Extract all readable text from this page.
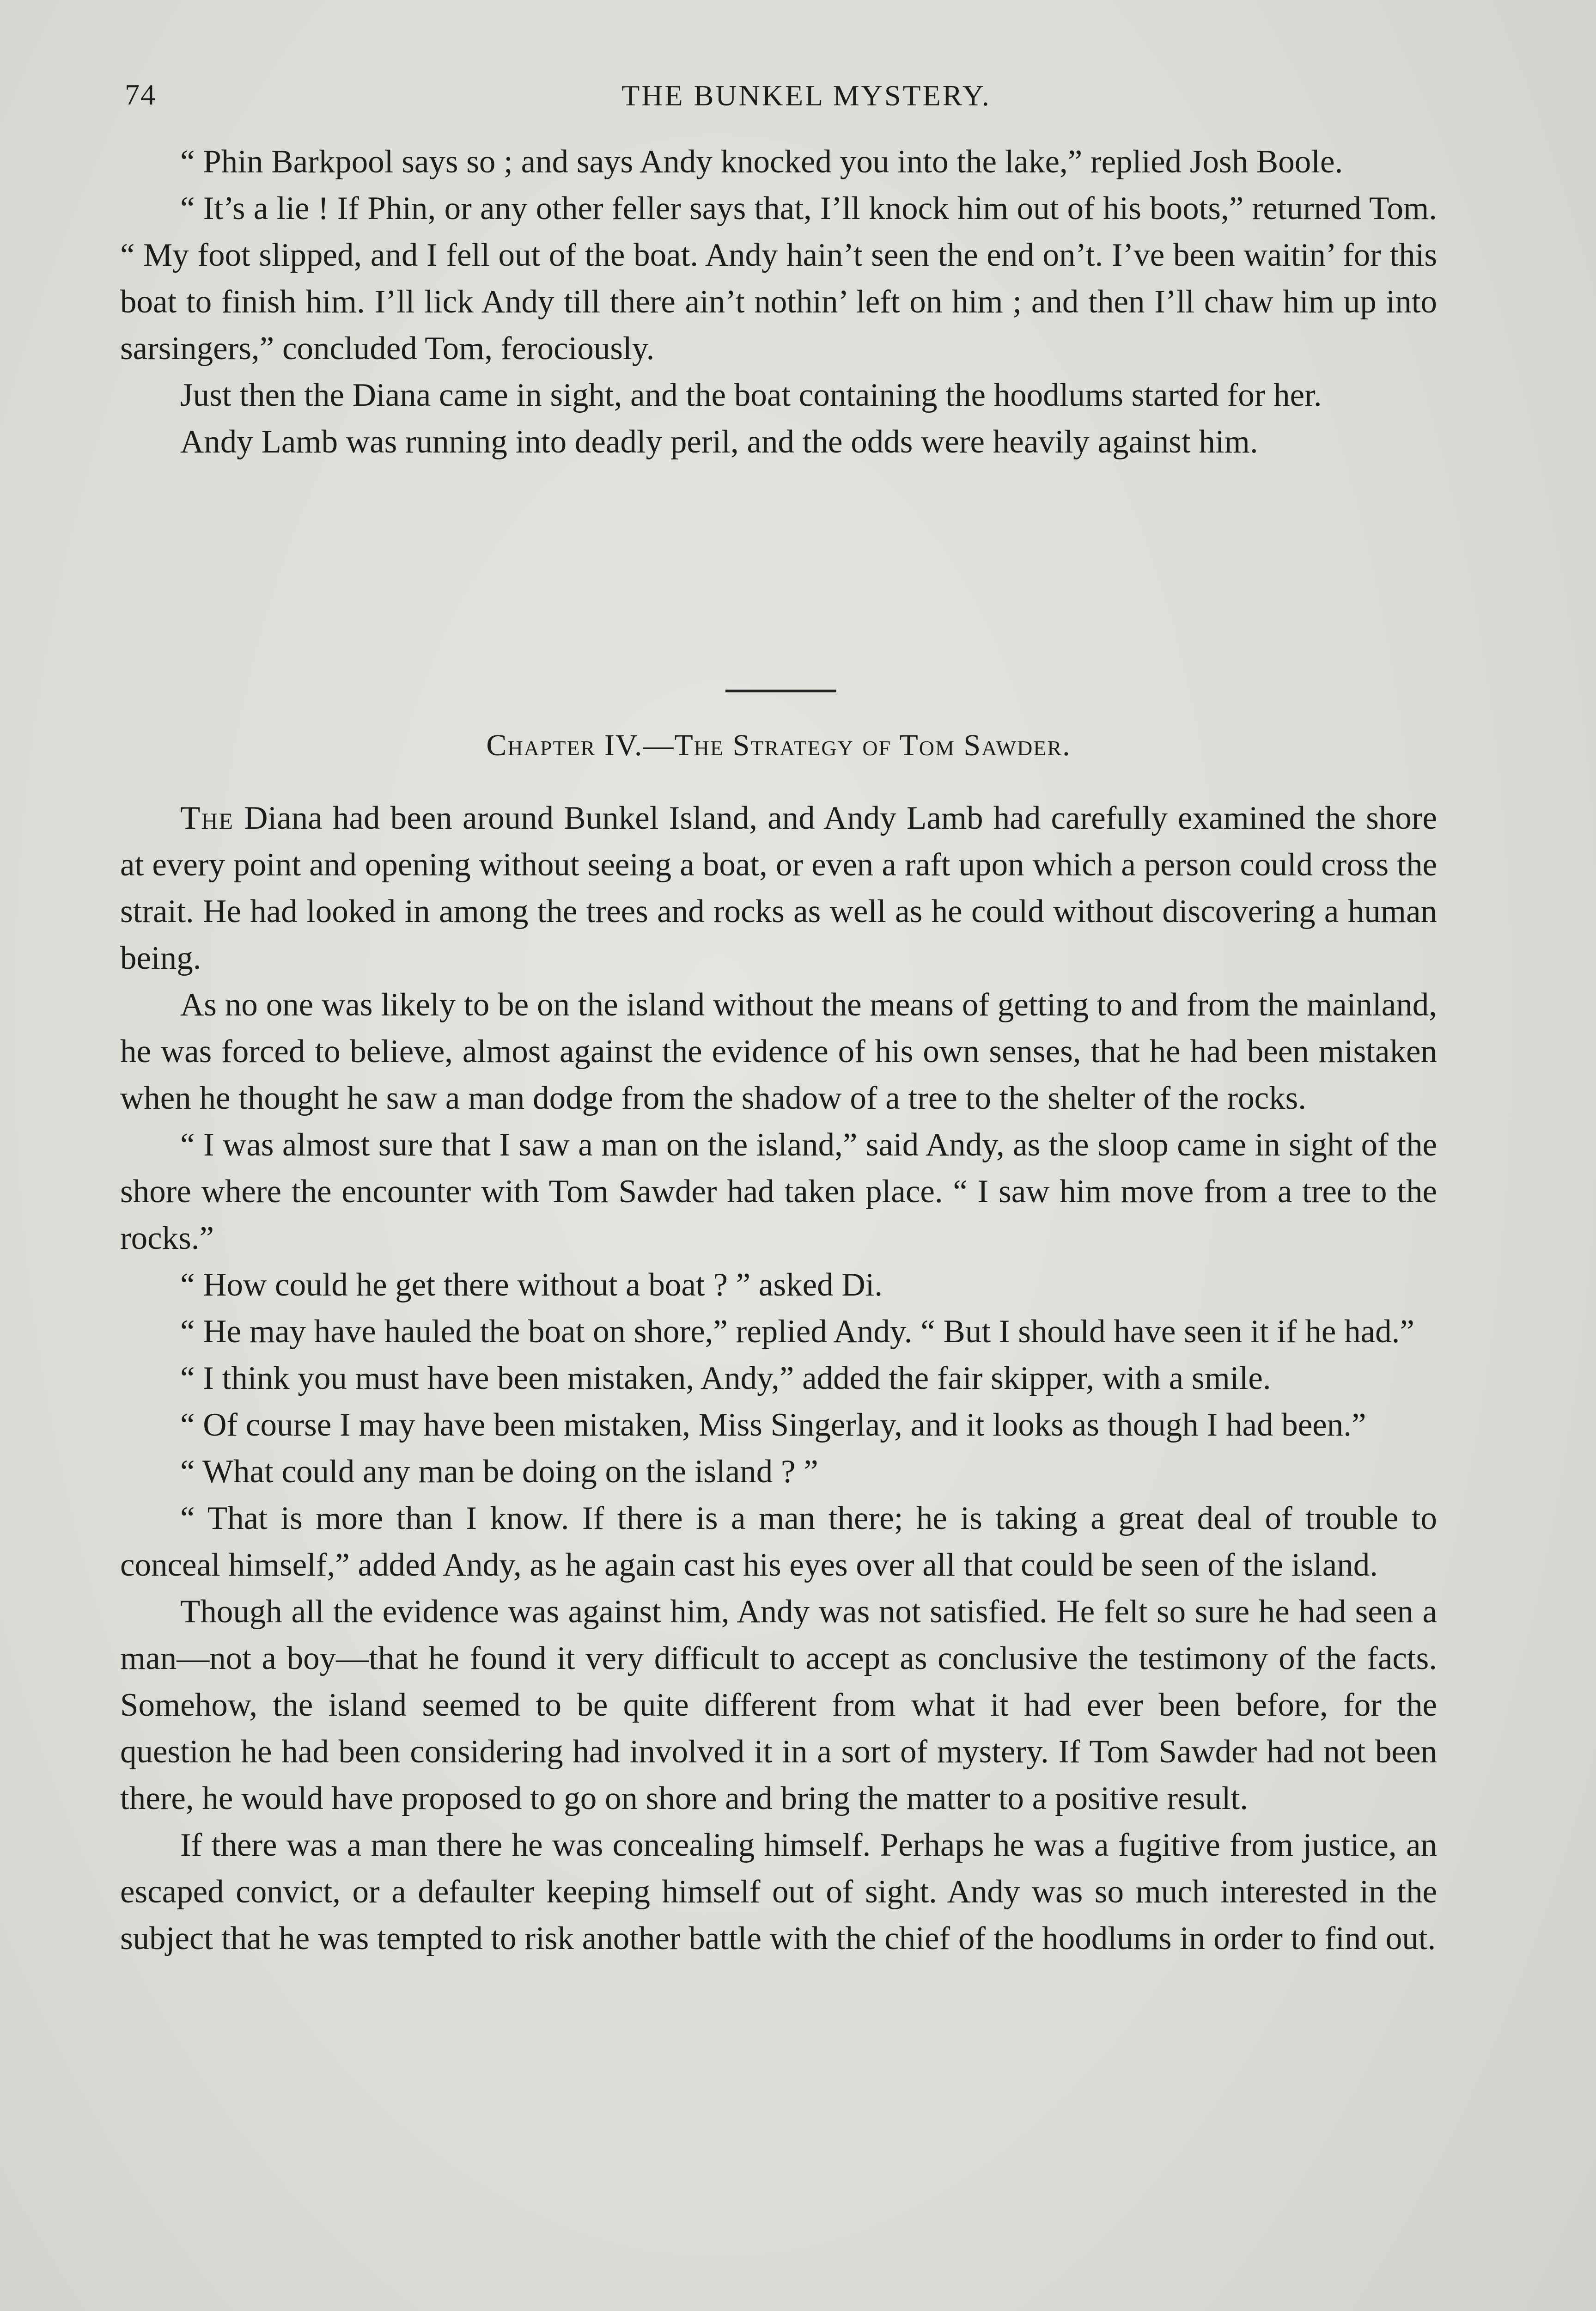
74	THE BUNKEL MYSTERY.

“ Phin Barkpool says so ; and says Andy knocked you into the lake,” replied Josh Boole.

“ It’s a lie ! If Phin, or any other feller says that, I’ll knock him out of his boots,” returned Tom. “ My foot slipped, and I fell out of the boat. Andy hain’t seen the end on’t. I’ve been waitin’ for this boat to finish him. I’ll lick Andy till there ain’t nothin’ left on him ; and then I’ll chaw him up into sarsingers,” concluded Tom, ferociously.

Just then the Diana came in sight, and the boat containing the hoodlums started for her.

Andy Lamb was running into deadly peril, and the odds were heavily against him.

Chapter IV.—The Strategy of Tom Sawder.

The Diana had been around Bunkel Island, and Andy Lamb had carefully examined the shore at every point and opening without seeing a boat, or even a raft upon which a person could cross the strait. He had looked in among the trees and rocks as well as he could without discovering a human being.

As no one was likely to be on the island without the means of getting to and from the mainland, he was forced to believe, almost against the evidence of his own senses, that he had been mistaken when he thought he saw a man dodge from the shadow of a tree to the shelter of the rocks.

“ I was almost sure that I saw a man on the island,” said Andy, as the sloop came in sight of the shore where the encounter with Tom Sawder had taken place. “ I saw him move from a tree to the rocks.”

“ How could he get there without a boat ? ” asked Di.

“ He may have hauled the boat on shore,” replied Andy. “ But I should have seen it if he had.”

“ I think you must have been mistaken, Andy,” added the fair skipper, with a smile.

“ Of course I may have been mistaken, Miss Singerlay, and it looks as though I had been.”

“ What could any man be doing on the island ? ”

“ That is more than I know. If there is a man there; he is taking a great deal of trouble to conceal himself,” added Andy, as he again cast his eyes over all that could be seen of the island.

Though all the evidence was against him, Andy was not satisfied. He felt so sure he had seen a man—not a boy—that he found it very difficult to accept as conclusive the testimony of the facts. Somehow, the island seemed to be quite different from what it had ever been before, for the question he had been considering had involved it in a sort of mystery. If Tom Sawder had not been there, he would have proposed to go on shore and bring the matter to a positive result.

If there was a man there he was concealing himself. Perhaps he was a fugitive from justice, an escaped convict, or a defaulter keeping himself out of sight. Andy was so much interested in the subject that he was tempted to risk another battle with the chief of the hoodlums in order to find out.
